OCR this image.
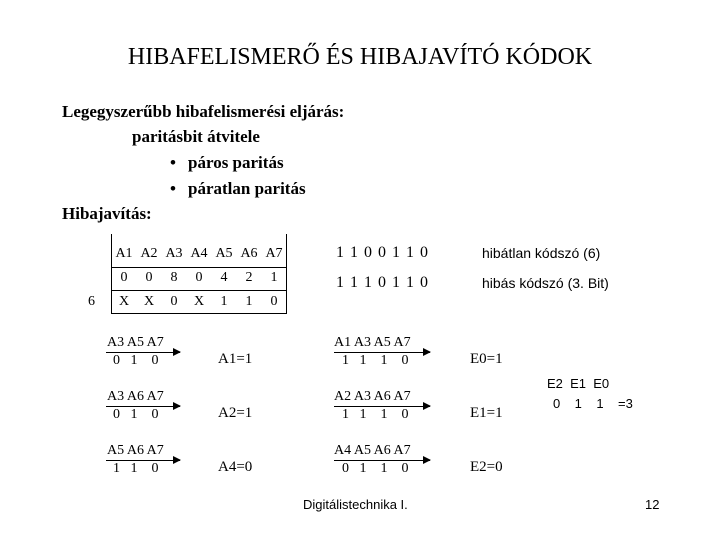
HIBAFELISMERŐ ÉS HIBAJAVÍTÓ KÓDOK
Legegyszerűbb hibafelismerési eljárás:
paritásbit átvitele
• páros paritás
• páratlan paritás
Hibajavítás:
A1 A2 A3 A4 A5 A6 A7
0	0	8	0	4	2	1
6	X	X	0	X	1	1	0
1 1 0 0 1 1 0	hibátlan kódszó (6)
1 1 1 0 1 1 0	hibás kódszó (3. Bit)
A3 A5 A7
0   1    0	A1=1
A3 A6 A7
0   1    0	A2=1
A5 A6 A7
1   1    0	A4=0
A1 A3 A5 A7
1   1    1    0	E0=1
A2 A3 A6 A7
1   1    1    0	E1=1
A4 A5 A6 A7
0   1    1    0	E2=0
E2  E1  E0
0    1    1    =3
Digitálistechnika I.	12
